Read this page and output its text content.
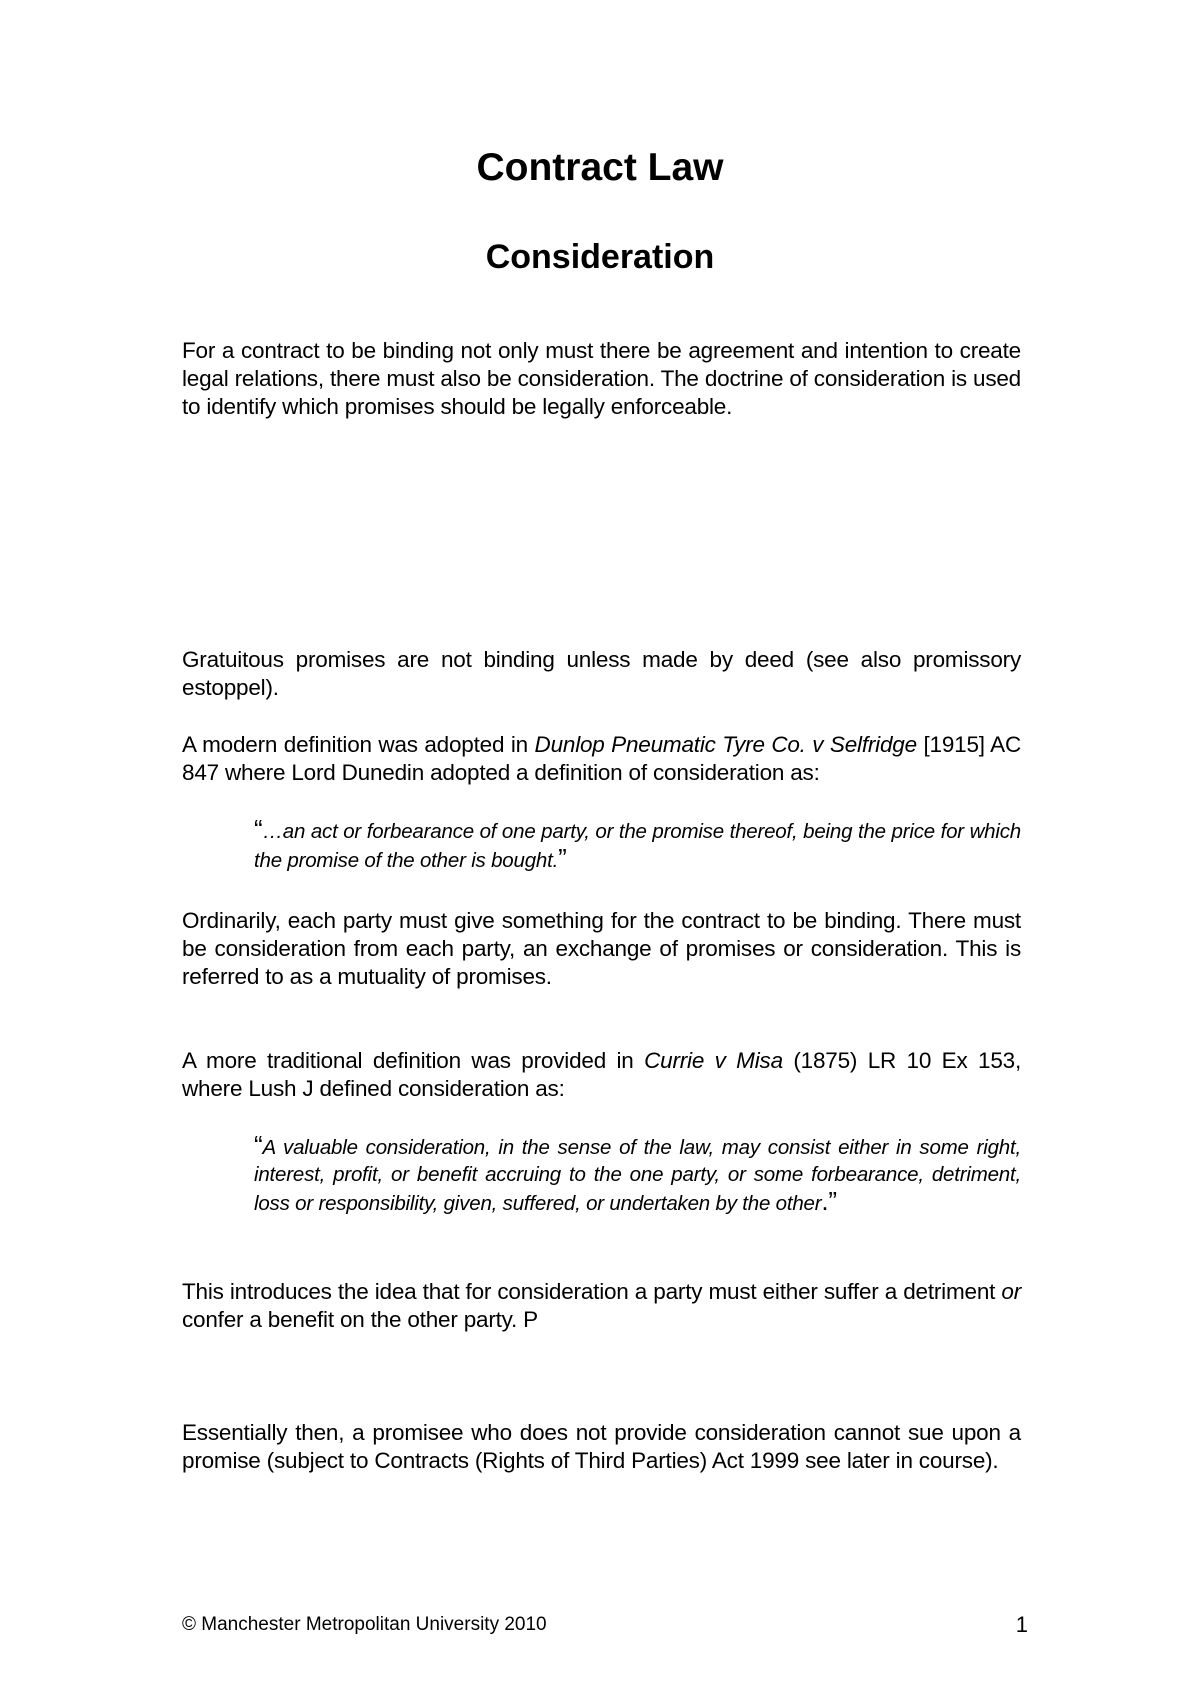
Contract Law
Consideration

For a contract to be binding not only must there be agreement and intention to create legal relations, there must also be consideration. The doctrine of consideration is used to identify which promises should be legally enforceable.

Gratuitous promises are not binding unless made by deed (see also promissory estoppel).

A modern definition was adopted in Dunlop Pneumatic Tyre Co. v Selfridge [1915] AC 847 where Lord Dunedin adopted a definition of consideration as:

“…an act or forbearance of one party, or the promise thereof, being the price for which the promise of the other is bought.”

Ordinarily, each party must give something for the contract to be binding. There must be consideration from each party, an exchange of promises or consideration. This is referred to as a mutuality of promises.

A more traditional definition was provided in Currie v Misa (1875) LR 10 Ex 153, where Lush J defined consideration as:

“A valuable consideration, in the sense of the law, may consist either in some right, interest, profit, or benefit accruing to the one party, or some forbearance, detriment, loss or responsibility, given, suffered, or undertaken by the other.”

This introduces the idea that for consideration a party must either suffer a detriment or confer a benefit on the other party. P

Essentially then, a promisee who does not provide consideration cannot sue upon a promise (subject to Contracts (Rights of Third Parties) Act 1999 see later in course).

© Manchester Metropolitan University 2010	1
